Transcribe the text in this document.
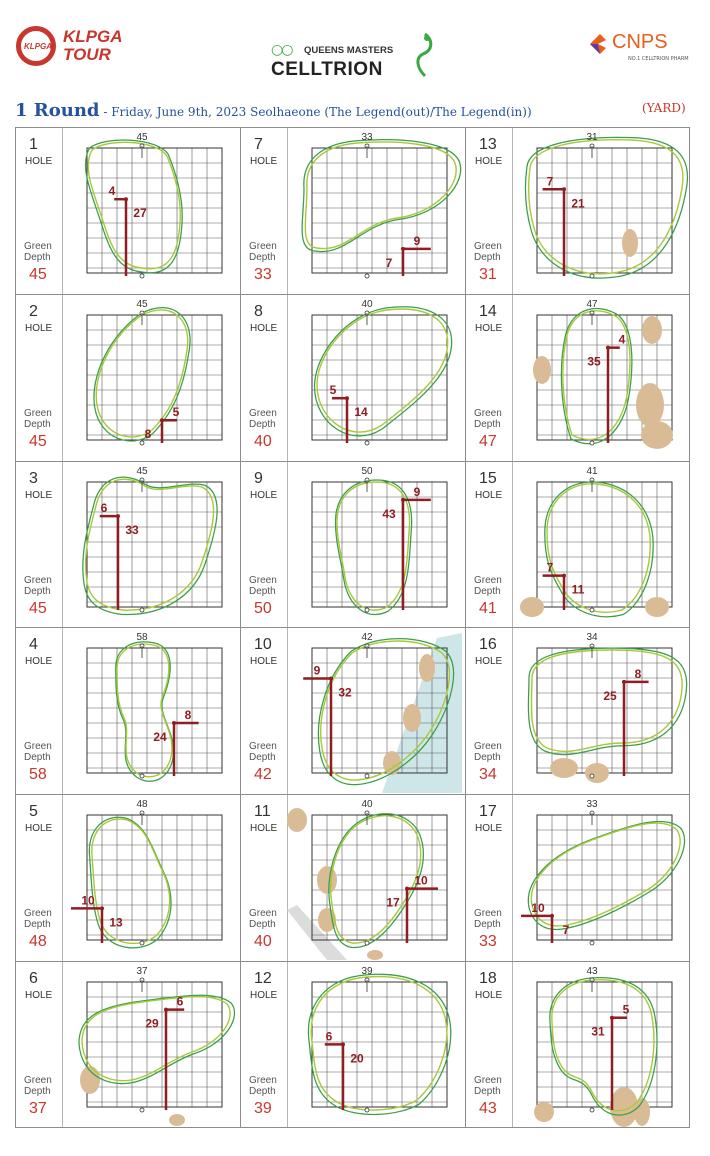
KLPGA
KLPGA TOUR	○○ QUEENS MASTERS
CELLTRION
CNPS
NO.1 CELLTRION PHARM
1 Round - Friday, June 9th, 2023 Seolhaeone (The Legend(out)/The Legend(in))	(YARD)
1
HOLE
Green
Depth
45
45
4
27
7
HOLE
Green
Depth
33
33
9
7
13
HOLE
Green
Depth
31
31
7
21
2
HOLE
Green
Depth
45
45
5
8
8
HOLE
Green
Depth
40
40
5
14
14
HOLE
Green
Depth
47
47
4
35
3
HOLE
Green
Depth
45
45
6
33
9
HOLE
Green
Depth
50
50
9
43
15
HOLE
Green
Depth
41
41
7
11
4
HOLE
Green
Depth
58
58
8
24
10
HOLE
Green
Depth
42
42
9
32
16
HOLE
Green
Depth
34
34
8
25
5
HOLE
Green
Depth
48
48
10
13
11
HOLE
Green
Depth
40
40
10
17
17
HOLE
Green
Depth
33
33
10
7
6
HOLE
Green
Depth
37
37
6
29
12
HOLE
Green
Depth
39
39
6
20
18
HOLE
Green
Depth
43
43
5
31
